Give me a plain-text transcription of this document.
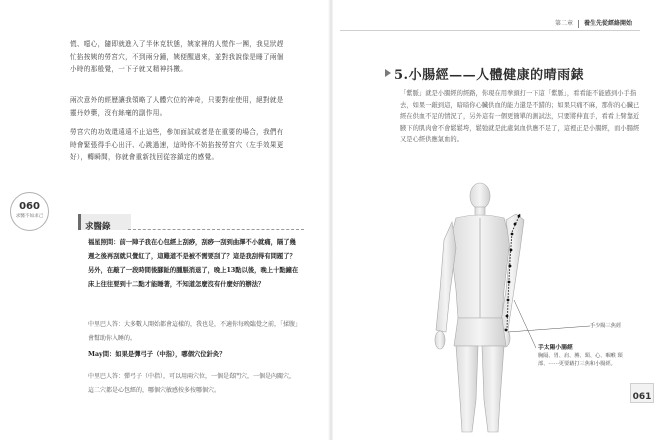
慌、噁心，隨即就進入了半休克狀態，姨家裡的人慌作一團，我見狀趕忙掐按姨的勞宮穴，不到兩分鐘，姨便醒過來，並對我說像是睡了兩個小時的那般覺，一下子就又精神抖擻。

兩次意外的經歷讓我領略了人體穴位的神奇，只要對症使用，絕對就是靈丹妙藥，沒有絲毫的副作用。

勞宮穴的功效還遠遠不止這些，參加面試或者是在重要的場合，我們有時會緊張得手心出汗、心跳過速，這時你不妨掐按勞宮穴（左手效果更好），轉瞬間，你就會重新找回從容鎮定的感覺。

060
求醫不如求己
求醫錄

福星照問：前一陣子我在心包經上刮痧，刮痧一刮到曲澤不小就痛，隔了幾週之後再刮就只覺紅了，這難道不是被不需要刮了？這是我刮得有問題了？另外，在敲了一段時間後腳趾的腫脹消退了，晚上13點以後，晚上十點鐘在床上往往要到十二點才能睡著，不知道怎麼沒有什麼好的辦法？

中里巴人答：大多數人開始都會這樣的，我也是，不適你每晚臨覺之前，「揉腹」會幫助你入睡的。

May問：如果是彈弓子（中指），哪個穴位針灸？

中里巴人答：彈弓子（中指），可以用兩穴位，一個是郄門穴，一個是內關穴，這二穴都是心包經的，哪個穴敏感按多按哪個穴。

第二章 養生先從經絡開始
5.小腸經——人體健康的晴雨錶

「紫脈」就是小腸經的經路，你現在用拳頭打一下這「紫脈」，看看能不能感到小手指去，如果一敲到這，暗暗你心臟供血的能力還是不錯的；如果只痛不麻，那你的心臟已經在供血不足的情況了，另外這有一個更簡單的測試法，只要將伸直手，看看上臂靠近腋下的肌肉會不會鬆鬆垮，鬆弛就是此處氣血供應不足了，這裡正是小腸經，而小腸經又是心經供應氣血的。

手少陽三焦經
手太陽小腸經
胸隔、胃、肩、膊、頸、心、咽喉 頸部、⋯⋯更要藉打三焦和小腸經。
061
